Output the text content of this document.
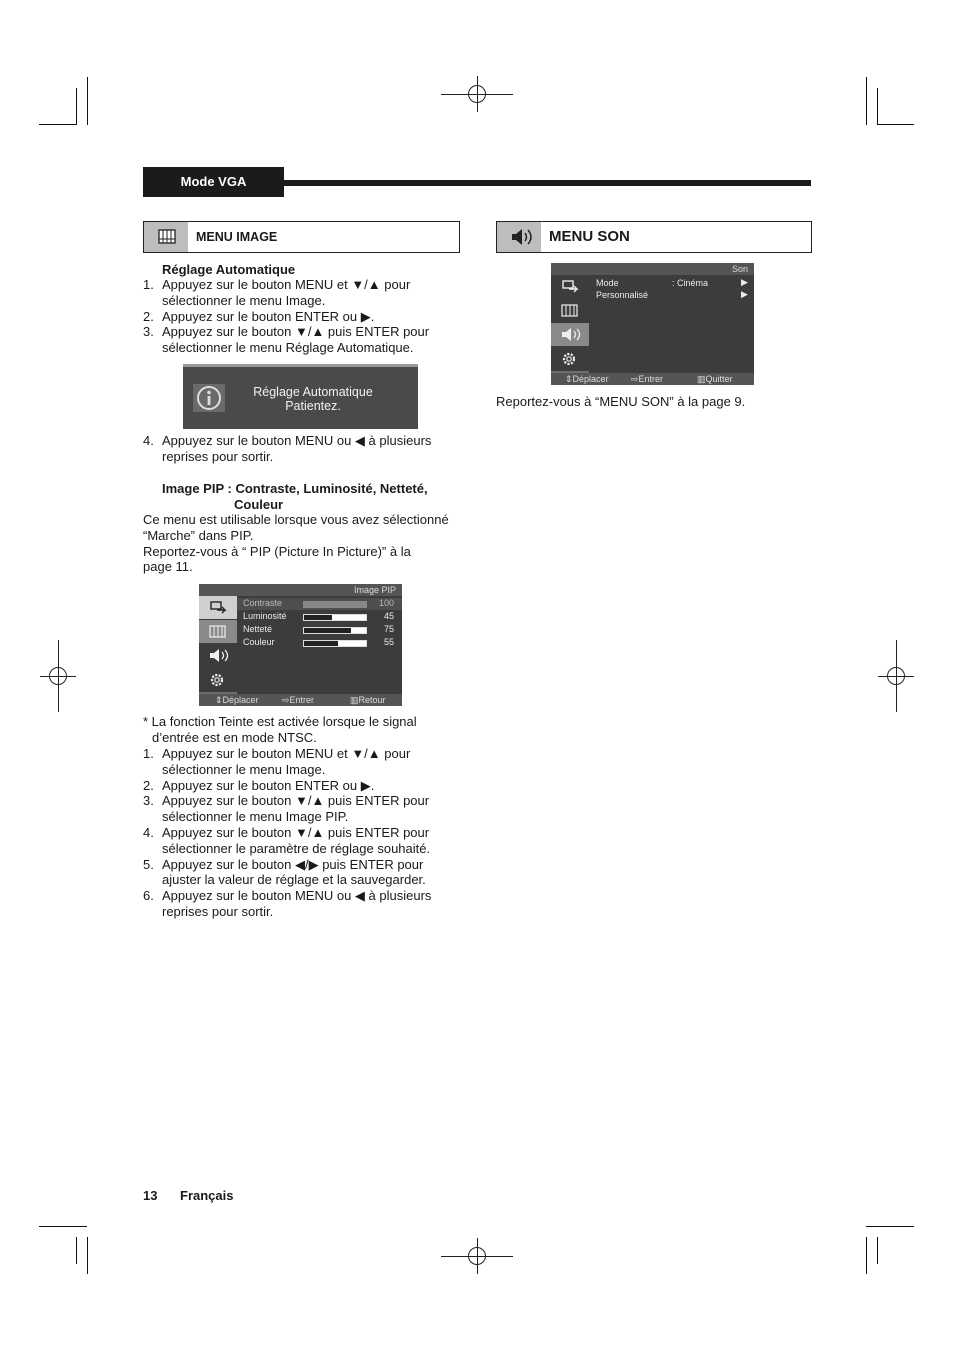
Mode VGA
MENU IMAGE
Réglage Automatique
1. Appuyez sur le bouton MENU et ▼/▲ pour
sélectionner le menu Image.
2. Appuyez sur le bouton ENTER ou ▶.
3. Appuyez sur le bouton ▼/▲ puis ENTER pour
sélectionner le menu Réglage Automatique.
Réglage Automatique
Patientez.
4. Appuyez sur le bouton MENU ou ◀ à plusieurs
reprises pour sortir.
Image PIP : Contraste, Luminosité, Netteté,
Couleur
Ce menu est utilisable lorsque vous avez sélectionné
“Marche” dans PIP.
Reportez-vous à “ PIP (Picture In Picture)” à la
page 11.
Image PIP
Contraste	100
Luminosité	45
Netteté	75
Couleur	55
⇕ Déplacer	⇨ Entrer	▥ Retour
* La fonction Teinte est activée lorsque le signal
d’entrée est en mode NTSC.
1. Appuyez sur le bouton MENU et ▼/▲ pour
sélectionner le menu Image.
2. Appuyez sur le bouton ENTER ou ▶.
3. Appuyez sur le bouton ▼/▲ puis ENTER pour
sélectionner le menu Image PIP.
4. Appuyez sur le bouton ▼/▲ puis ENTER pour
sélectionner le paramètre de réglage souhaité.
5. Appuyez sur le bouton ◀/▶ puis ENTER pour
ajuster la valeur de réglage et la sauvegarder.
6. Appuyez sur le bouton MENU ou ◀ à plusieurs
reprises pour sortir.
MENU SON
Son
Mode	: Cinéma	▶
Personnalisé	▶
⇕ Déplacer ⇨ Entrer	▥ Quitter
Reportez-vous à “MENU SON” à la page 9.
13 Français
